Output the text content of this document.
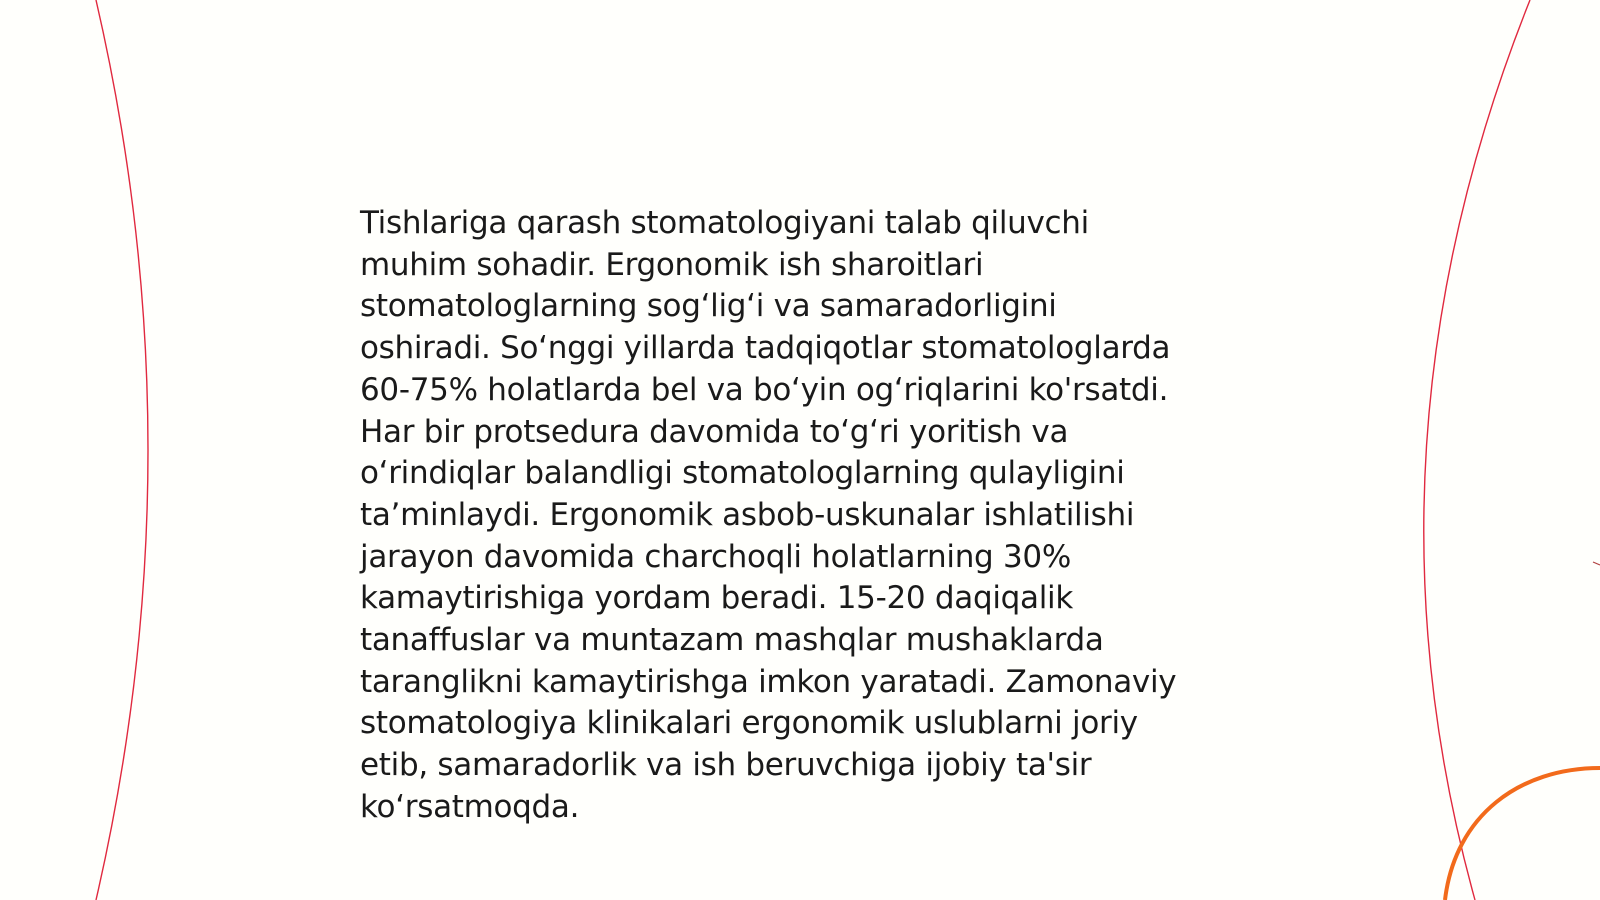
Tishlariga qarash stomatologiyani talab qiluvchi
muhim sohadir. Ergonomik ish sharoitlari
stomatologlarning sog‘lig‘i va samaradorligini
oshiradi. So‘nggi yillarda tadqiqotlar stomatologlarda
60-75% holatlarda bel va bo‘yin og‘riqlarini ko'rsatdi.
Har bir protsedura davomida to‘g‘ri yoritish va
o‘rindiqlar balandligi stomatologlarning qulayligini
ta’minlaydi. Ergonomik asbob-uskunalar ishlatilishi
jarayon davomida charchoqli holatlarning 30%
kamaytirishiga yordam beradi. 15-20 daqiqalik
tanaffuslar va muntazam mashqlar mushaklarda
taranglikni kamaytirishga imkon yaratadi. Zamonaviy
stomatologiya klinikalari ergonomik uslublarni joriy
etib, samaradorlik va ish beruvchiga ijobiy ta'sir
ko‘rsatmoqda.
